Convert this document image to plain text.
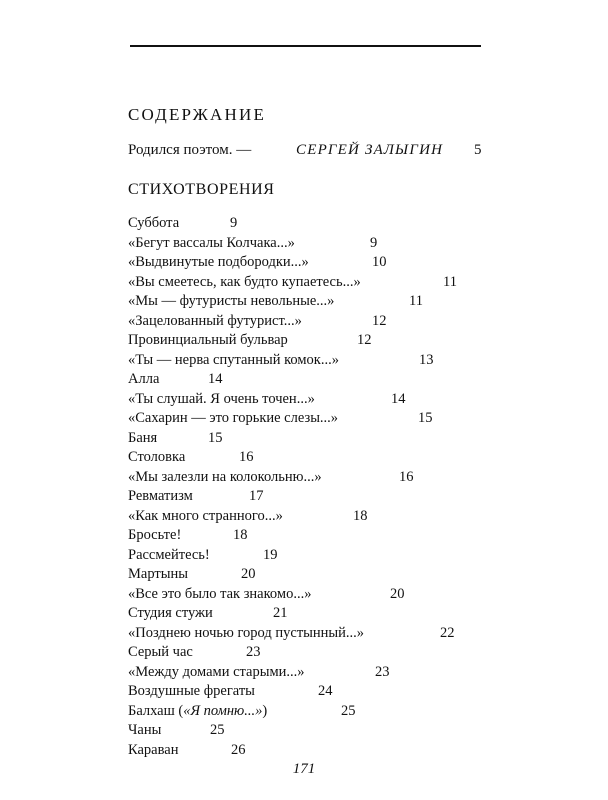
СОДЕРЖАНИЕ
Родился поэтом. —	СЕРГЕЙ ЗАЛЫГИН 5
СТИХОТВОРЕНИЯ
Суббота	9
«Бегут вассалы Колчака...»	9
«Выдвинутые подбородки...»	10
«Вы смеетесь, как будто купаетесь...»	11
«Мы — футуристы невольные...»	11
«Зацелованный футурист...»	12
Провинциальный бульвар	12
«Ты — нерва спутанный комок...»	13
Алла	14
«Ты слушай. Я очень точен...»	14
«Сахарин — это горькие слезы...»	15
Баня	15
Столовка	16
«Мы залезли на колокольню...»	16
Ревматизм	17
«Как много странного...»	18
Бросьте!	18
Рассмейтесь!	19
Мартыны	20
«Все это было так знакомо...»	20
Студия стужи	21
«Позднею ночью город пустынный...»	22
Серый час	23
«Между домами старыми...»	23
Воздушные фрегаты	24
Балхаш («Я помню...»)	25
Чаны	25
Караван	26
171
